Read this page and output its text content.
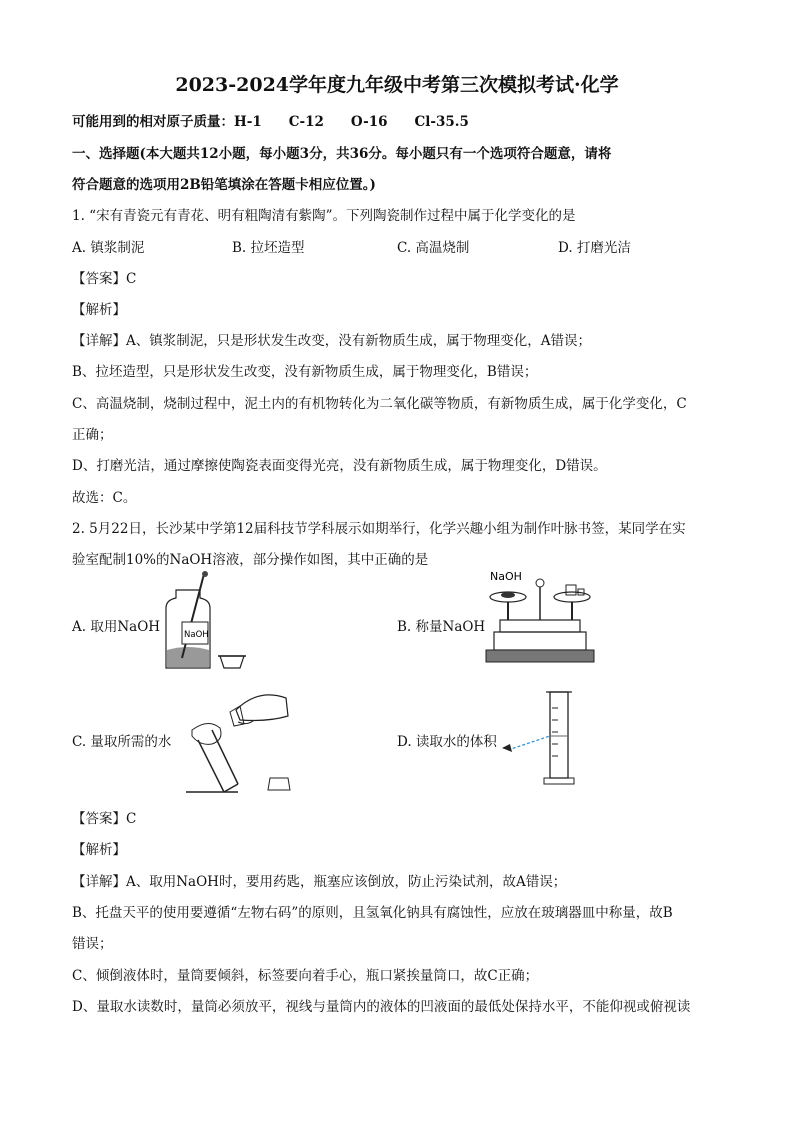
2023-2024学年度九年级中考第三次模拟考试·化学
可能用到的相对原子质量：H-1　　C-12　　O-16　　Cl-35.5
一、选择题(本大题共12小题，每小题3分，共36分。每小题只有一个选项符合题意，请将
符合题意的选项用2B铅笔填涂在答题卡相应位置。)
1. “宋有青瓷元有青花、明有粗陶清有紫陶”。下列陶瓷制作过程中属于化学变化的是
A. 镇浆制泥	B. 拉坯造型	C. 高温烧制	D. 打磨光洁
【答案】C
【解析】
【详解】A、镇浆制泥，只是形状发生改变，没有新物质生成，属于物理变化，A错误；
B、拉坯造型，只是形状发生改变，没有新物质生成，属于物理变化，B错误；
C、高温烧制，烧制过程中，泥土内的有机物转化为二氧化碳等物质，有新物质生成，属于化学变化，C
正确；
D、打磨光洁，通过摩擦使陶瓷表面变得光亮，没有新物质生成，属于物理变化，D错误。
故选：C。
2. 5月22日，长沙某中学第12届科技节学科展示如期举行，化学兴趣小组为制作叶脉书签，某同学在实
验室配制10%的NaOH溶液，部分操作如图，其中正确的是
A. 取用NaOH	B. 称量NaOH
C. 量取所需的水	D. 读取水的体积
NaOH
NaOH
【答案】C
【解析】
【详解】A、取用NaOH时，要用药匙，瓶塞应该倒放，防止污染试剂，故A错误；
B、托盘天平的使用要遵循“左物右码”的原则，且氢氧化钠具有腐蚀性，应放在玻璃器皿中称量，故B
错误；
C、倾倒液体时，量筒要倾斜，标签要向着手心，瓶口紧挨量筒口，故C正确；
D、量取水读数时，量筒必须放平，视线与量筒内的液体的凹液面的最低处保持水平，不能仰视或俯视读
